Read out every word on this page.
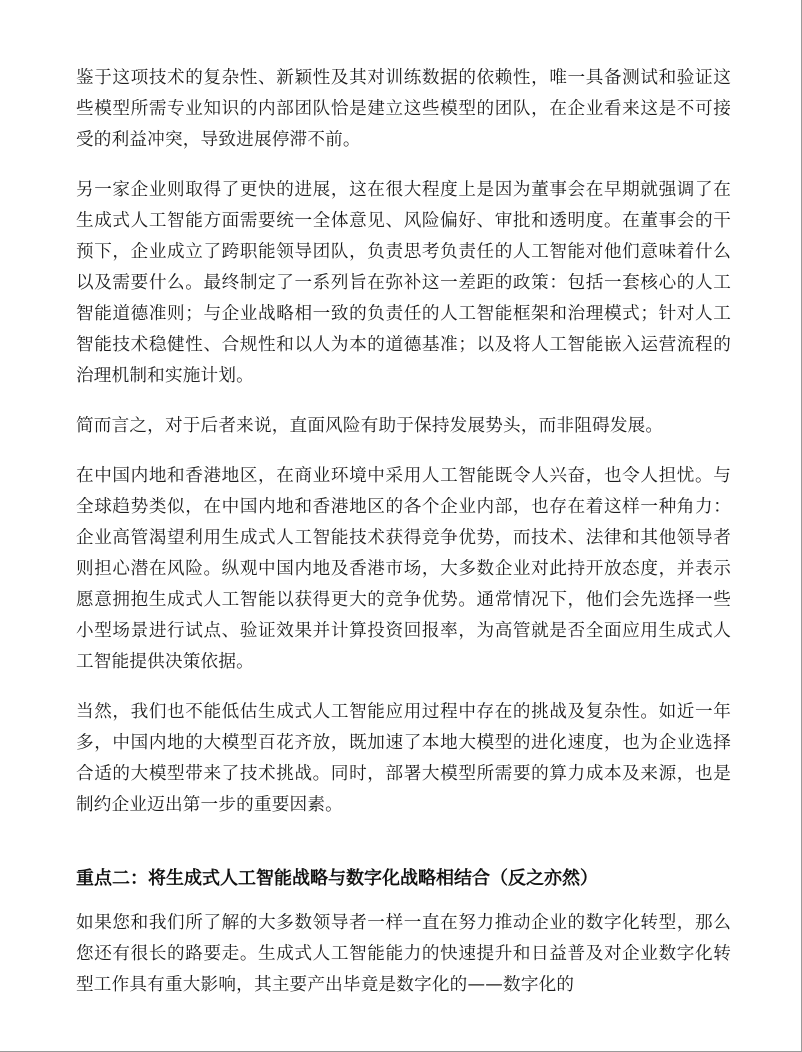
鉴于这项技术的复杂性、新颖性及其对训练数据的依赖性，唯一具备测试和验证这些模型所需专业知识的内部团队恰是建立这些模型的团队，在企业看来这是不可接受的利益冲突，导致进展停滞不前。

另一家企业则取得了更快的进展，这在很大程度上是因为董事会在早期就强调了在生成式人工智能方面需要统一全体意见、风险偏好、审批和透明度。在董事会的干预下，企业成立了跨职能领导团队，负责思考负责任的人工智能对他们意味着什么以及需要什么。最终制定了一系列旨在弥补这一差距的政策：包括一套核心的人工智能道德准则；与企业战略相一致的负责任的人工智能框架和治理模式；针对人工智能技术稳健性、合规性和以人为本的道德基准；以及将人工智能嵌入运营流程的治理机制和实施计划。

简而言之，对于后者来说，直面风险有助于保持发展势头，而非阻碍发展。

在中国内地和香港地区，在商业环境中采用人工智能既令人兴奋，也令人担忧。与全球趋势类似，在中国内地和香港地区的各个企业内部，也存在着这样一种角力：企业高管渴望利用生成式人工智能技术获得竞争优势，而技术、法律和其他领导者则担心潜在风险。纵观中国内地及香港市场，大多数企业对此持开放态度，并表示愿意拥抱生成式人工智能以获得更大的竞争优势。通常情况下，他们会先选择一些小型场景进行试点、验证效果并计算投资回报率，为高管就是否全面应用生成式人工智能提供决策依据。

当然，我们也不能低估生成式人工智能应用过程中存在的挑战及复杂性。如近一年多，中国内地的大模型百花齐放，既加速了本地大模型的进化速度，也为企业选择合适的大模型带来了技术挑战。同时，部署大模型所需要的算力成本及来源，也是制约企业迈出第一步的重要因素。

重点二：将生成式人工智能战略与数字化战略相结合（反之亦然）

如果您和我们所了解的大多数领导者一样一直在努力推动企业的数字化转型，那么您还有很长的路要走。生成式人工智能能力的快速提升和日益普及对企业数字化转型工作具有重大影响，其主要产出毕竟是数字化的——数字化的
